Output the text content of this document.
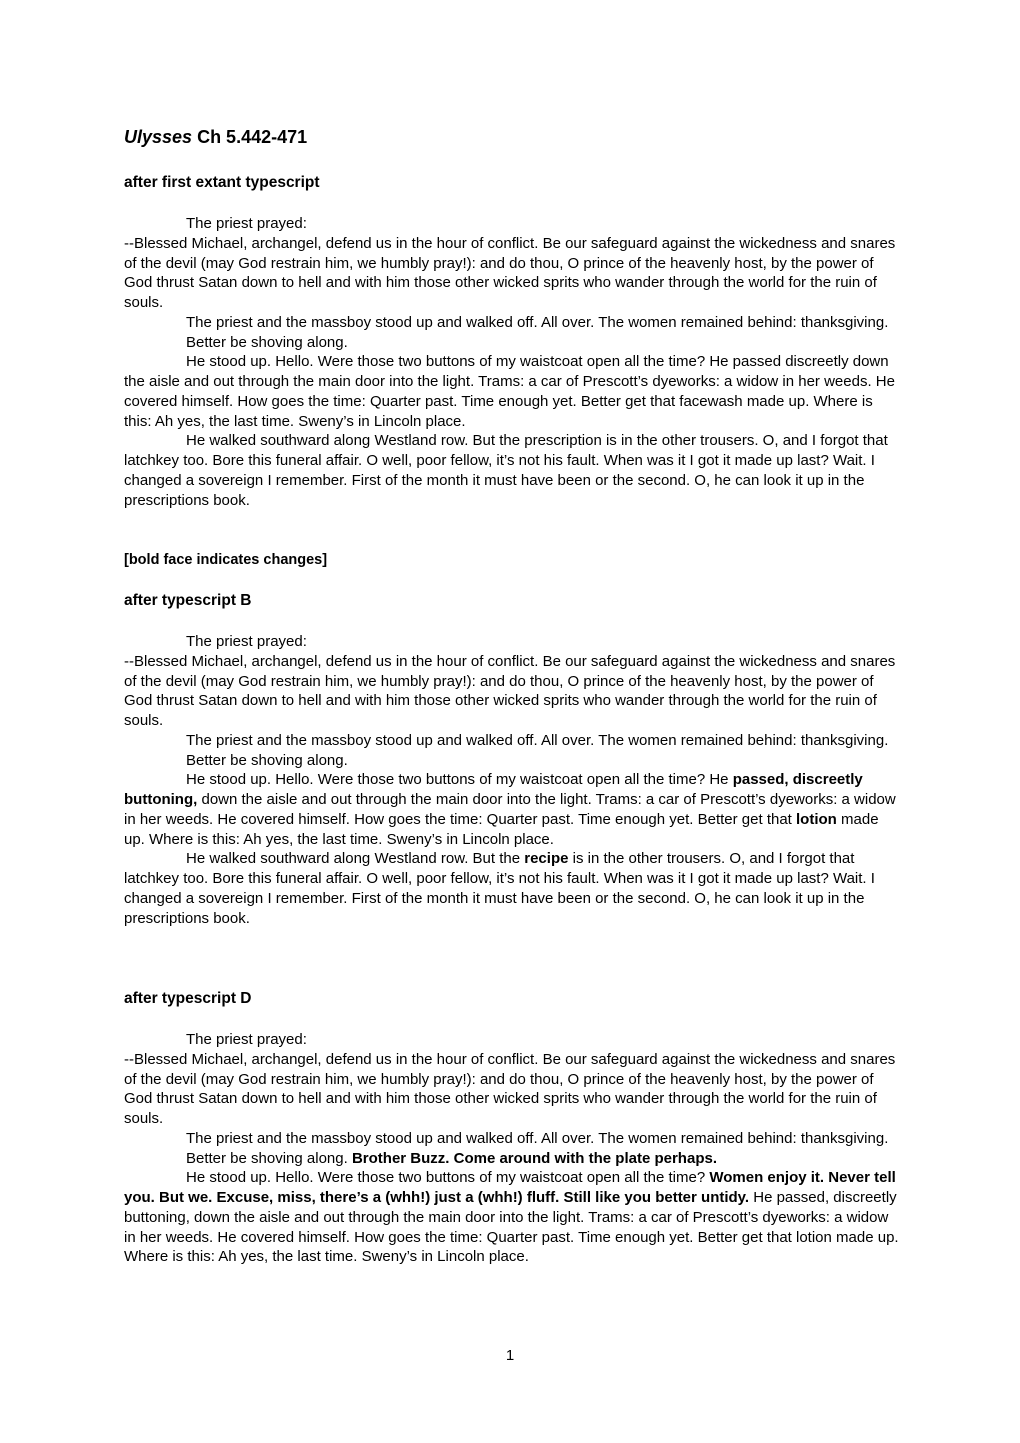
Ulysses Ch 5.442-471
after first extant typescript

The priest prayed:

--Blessed Michael, archangel, defend us in the hour of conflict. Be our safeguard against the wickedness and snares of the devil (may God restrain him, we humbly pray!): and do thou, O prince of the heavenly host, by the power of God thrust Satan down to hell and with him those other wicked sprits who wander through the world for the ruin of souls.

The priest and the massboy stood up and walked off. All over. The women remained behind: thanksgiving.

Better be shoving along.

He stood up. Hello. Were those two buttons of my waistcoat open all the time? He passed discreetly down the aisle and out through the main door into the light. Trams: a car of Prescott’s dyeworks: a widow in her weeds. He covered himself. How goes the time: Quarter past. Time enough yet. Better get that facewash made up. Where is this: Ah yes, the last time. Sweny’s in Lincoln place.

He walked southward along Westland row. But the prescription is in the other trousers. O, and I forgot that latchkey too. Bore this funeral affair. O well, poor fellow, it’s not his fault. When was it I got it made up last? Wait. I changed a sovereign I remember. First of the month it must have been or the second. O, he can look it up in the prescriptions book.

[bold face indicates changes]
after typescript B

The priest prayed:

--Blessed Michael, archangel, defend us in the hour of conflict. Be our safeguard against the wickedness and snares of the devil (may God restrain him, we humbly pray!): and do thou, O prince of the heavenly host, by the power of God thrust Satan down to hell and with him those other wicked sprits who wander through the world for the ruin of souls.

The priest and the massboy stood up and walked off. All over. The women remained behind: thanksgiving.

Better be shoving along.

He stood up. Hello. Were those two buttons of my waistcoat open all the time? He passed, discreetly buttoning, down the aisle and out through the main door into the light. Trams: a car of Prescott’s dyeworks: a widow in her weeds. He covered himself. How goes the time: Quarter past. Time enough yet. Better get that lotion made up. Where is this: Ah yes, the last time. Sweny’s in Lincoln place.

He walked southward along Westland row. But the recipe is in the other trousers. O, and I forgot that latchkey too. Bore this funeral affair. O well, poor fellow, it’s not his fault. When was it I got it made up last? Wait. I changed a sovereign I remember. First of the month it must have been or the second. O, he can look it up in the prescriptions book.

after typescript D

The priest prayed:

--Blessed Michael, archangel, defend us in the hour of conflict. Be our safeguard against the wickedness and snares of the devil (may God restrain him, we humbly pray!): and do thou, O prince of the heavenly host, by the power of God thrust Satan down to hell and with him those other wicked sprits who wander through the world for the ruin of souls.

The priest and the massboy stood up and walked off. All over. The women remained behind: thanksgiving.

Better be shoving along. Brother Buzz. Come around with the plate perhaps.

He stood up. Hello. Were those two buttons of my waistcoat open all the time? Women enjoy it. Never tell you. But we. Excuse, miss, there’s a (whh!) just a (whh!) fluff. Still like you better untidy. He passed, discreetly buttoning, down the aisle and out through the main door into the light. Trams: a car of Prescott’s dyeworks: a widow in her weeds. He covered himself. How goes the time: Quarter past. Time enough yet. Better get that lotion made up. Where is this: Ah yes, the last time. Sweny’s in Lincoln place.

1
